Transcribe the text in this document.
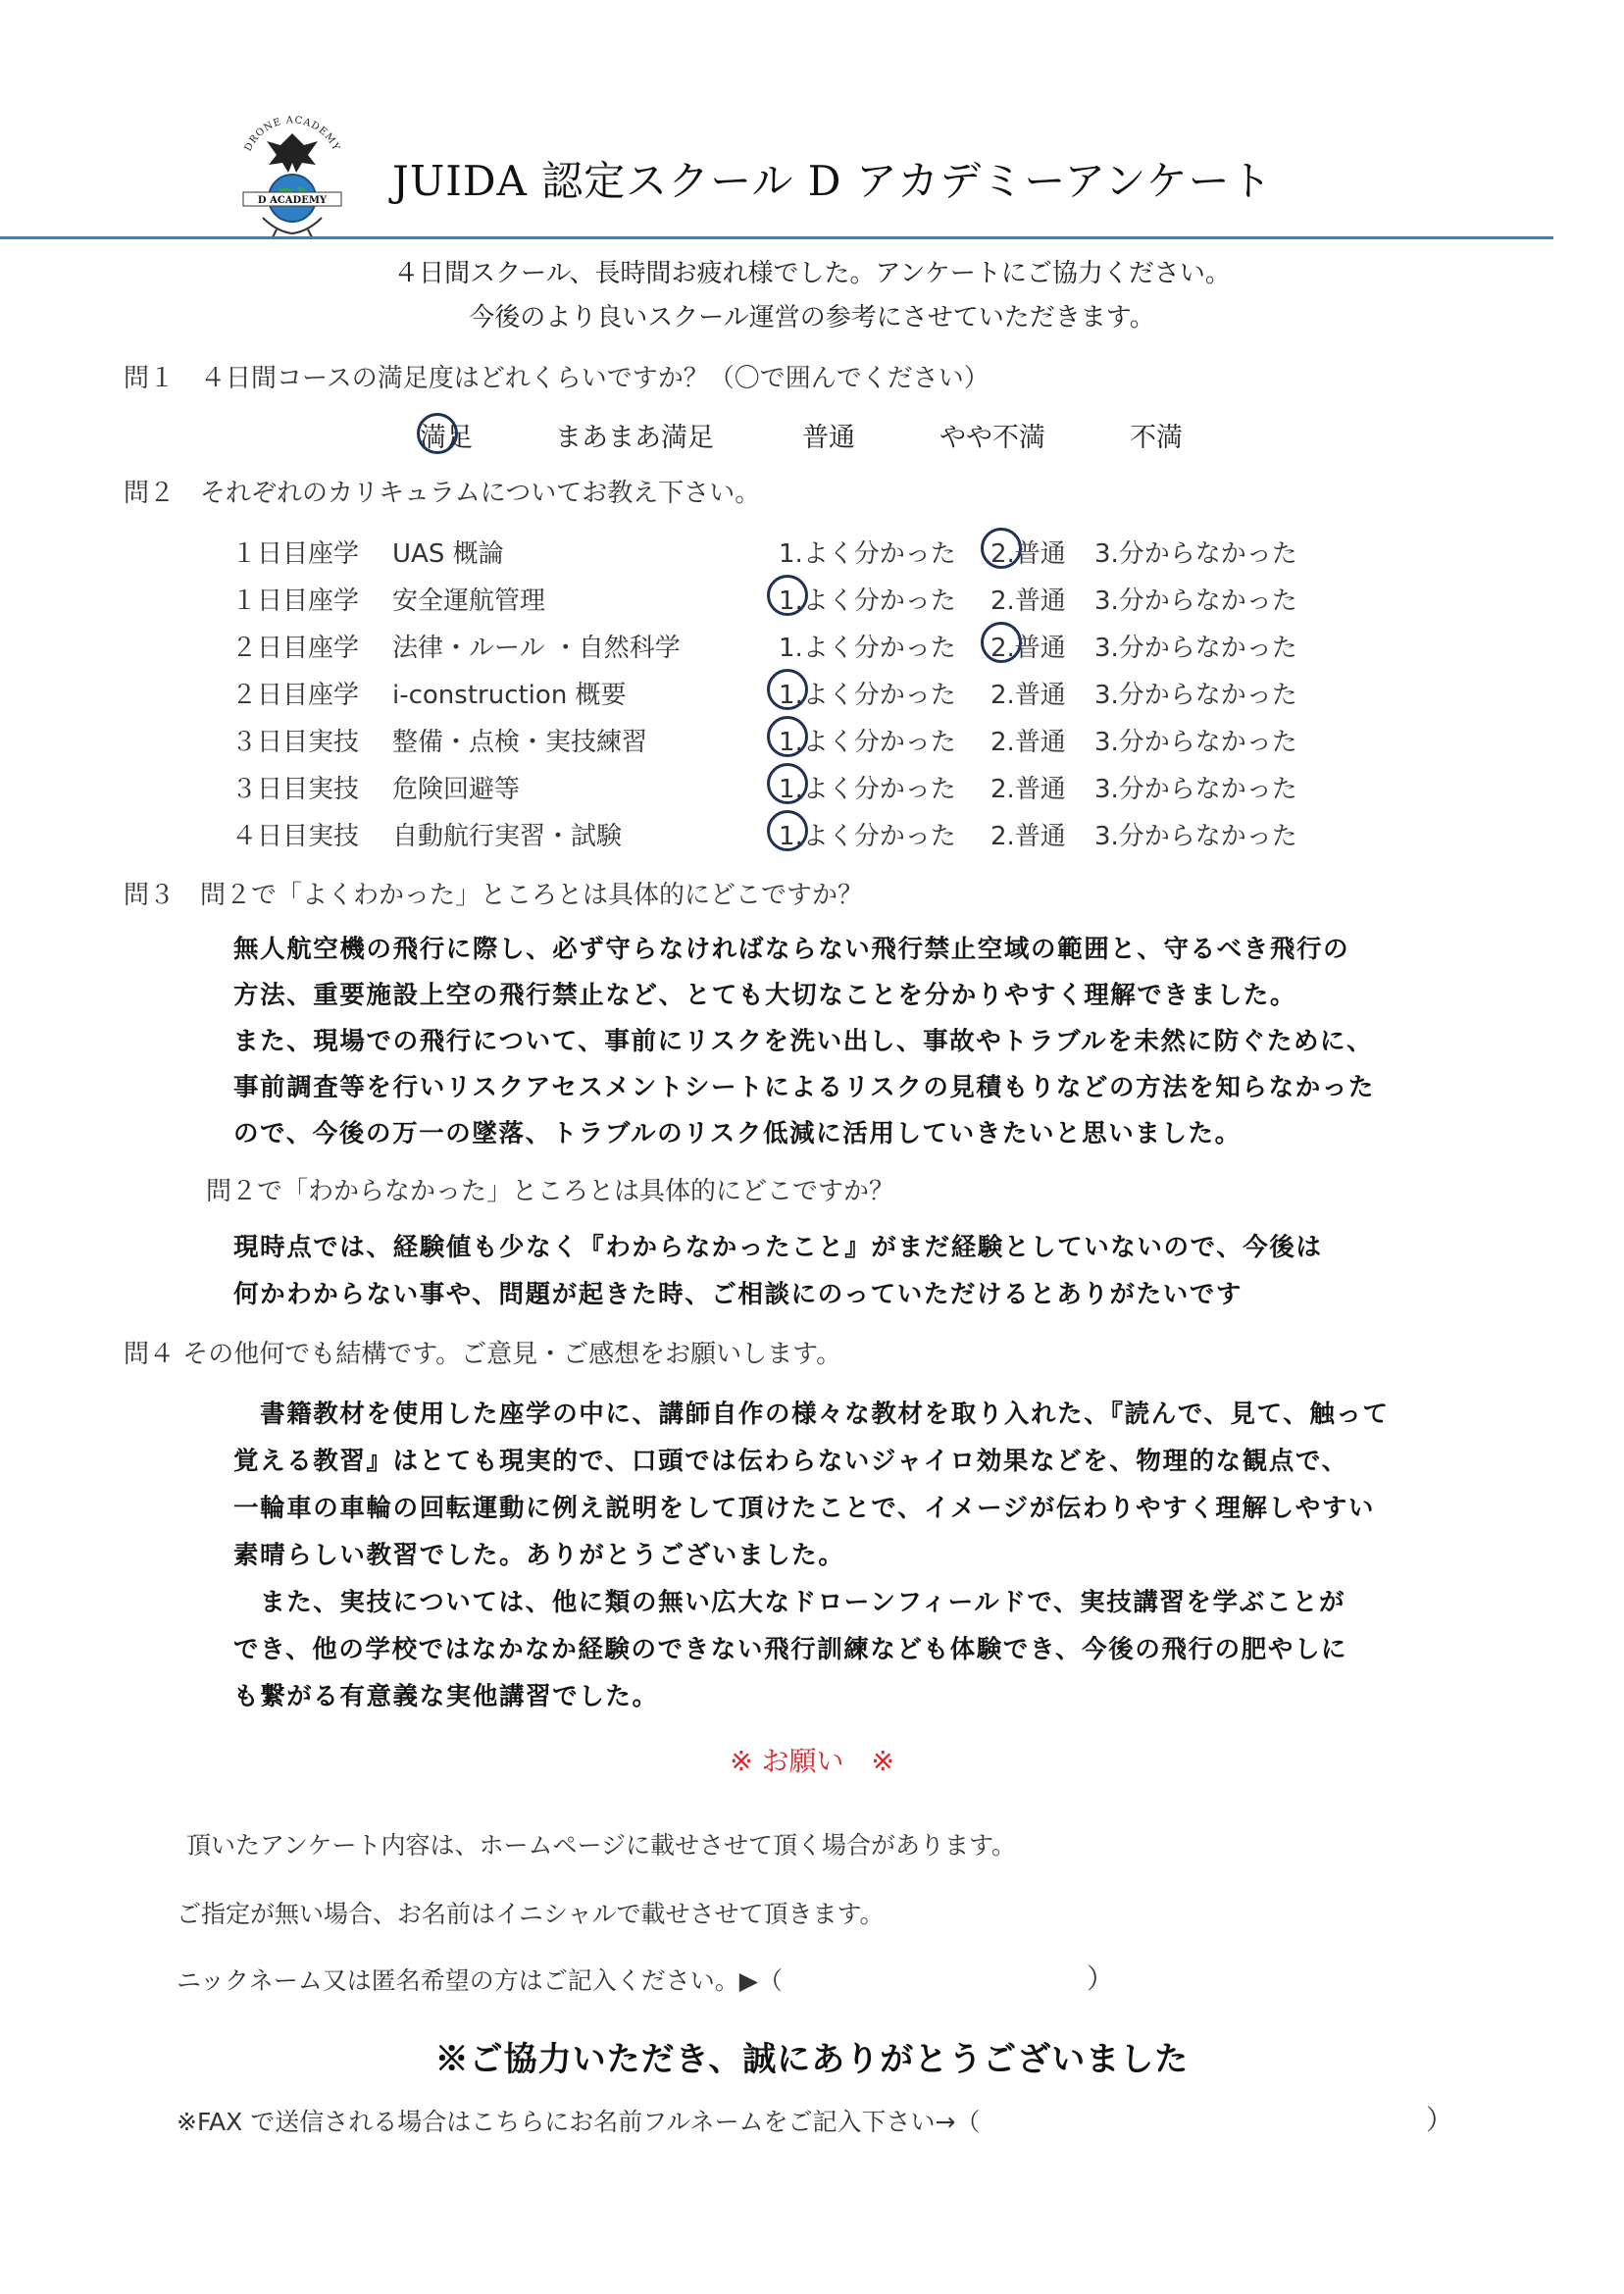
DRONE ACADEMY
D ACADEMY JUIDA 認定スクール D アカデミーアンケート
４日間スクール、長時間お疲れ様でした。アンケートにご協力ください。
今後のより良いスクール運営の参考にさせていただきます。
問１　４日間コースの満足度はどれくらいですか？（〇で囲んでください）
満足	まあまあ満足	普通	やや不満	不満
問２　それぞれのカリキュラムについてお教え下さい。
１日目座学 UAS 概論	1.よく分かった 2.普通 3.分からなかった
１日目座学 安全運航管理	1.よく分かった 2.普通 3.分からなかった
２日目座学 法律・ルール ・自然科学	1.よく分かった 2.普通 3.分からなかった
２日目座学 i-construction 概要	1.よく分かった 2.普通 3.分からなかった
３日目実技 整備・点検・実技練習	1.よく分かった 2.普通 3.分からなかった
３日目実技 危険回避等	1.よく分かった 2.普通 3.分からなかった
４日目実技 自動航行実習・試験	1.よく分かった 2.普通 3.分からなかった
問３　問２で「よくわかった」ところとは具体的にどこですか？
無人航空機の飛行に際し、必ず守らなければならない飛行禁止空域の範囲と、守るべき飛行の
方法、重要施設上空の飛行禁止など、とても大切なことを分かりやすく理解できました。
また、現場での飛行について、事前にリスクを洗い出し、事故やトラブルを未然に防ぐために、
事前調査等を行いリスクアセスメントシートによるリスクの見積もりなどの方法を知らなかった
ので、今後の万一の墜落、トラブルのリスク低減に活用していきたいと思いました。
問２で「わからなかった」ところとは具体的にどこですか？
現時点では、経験値も少なく『わからなかったこと』がまだ経験としていないので、今後は
何かわからない事や、問題が起きた時、ご相談にのっていただけるとありがたいです
問４ その他何でも結構です。ご意見・ご感想をお願いします。
　書籍教材を使用した座学の中に、講師自作の様々な教材を取り入れた、『読んで、見て、触って
覚える教習』はとても現実的で、口頭では伝わらないジャイロ効果などを、物理的な観点で、
一輪車の車輪の回転運動に例え説明をして頂けたことで、イメージが伝わりやすく理解しやすい
素晴らしい教習でした。ありがとうございました。
　また、実技については、他に類の無い広大なドローンフィールドで、実技講習を学ぶことが
でき、他の学校ではなかなか経験のできない飛行訓練なども体験でき、今後の飛行の肥やしに
も繋がる有意義な実他講習でした。
※ お願い　※
頂いたアンケート内容は、ホームページに載せさせて頂く場合があります。
ご指定が無い場合、お名前はイニシャルで載せさせて頂きます。
ニックネーム又は匿名希望の方はご記入ください。▶（	）
※ご協力いただき、誠にありがとうございました
※FAX で送信される場合はこちらにお名前フルネームをご記入下さい→（	）
